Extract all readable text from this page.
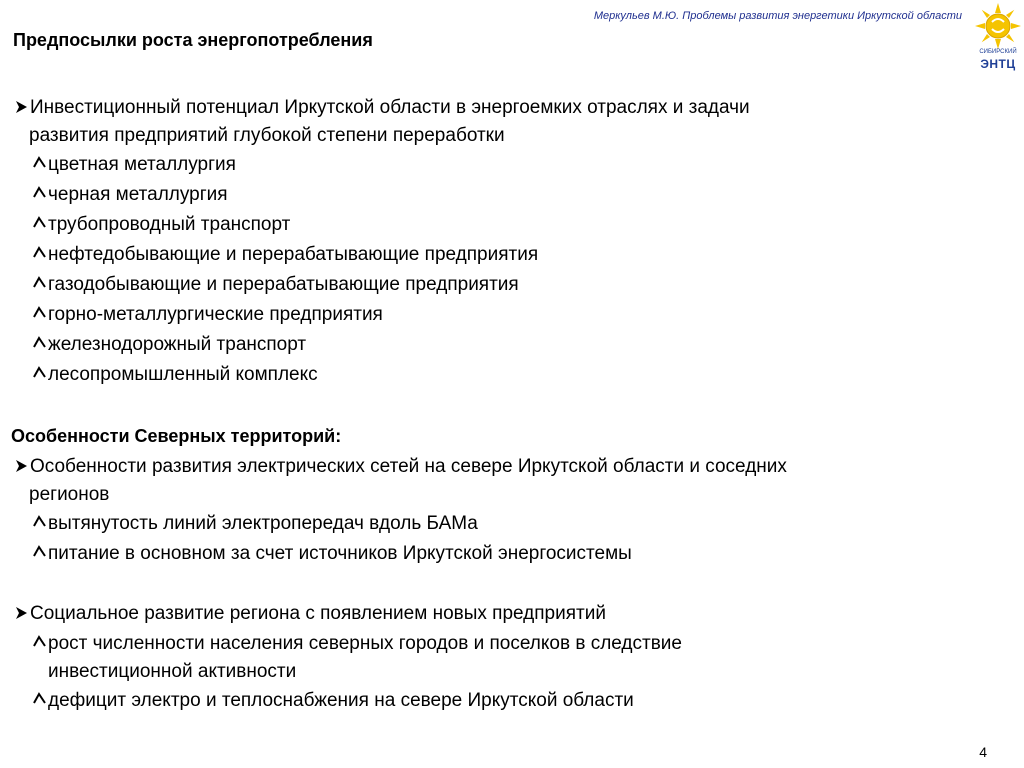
Меркульев М.Ю. Проблемы развития энергетики Иркутской области
СИБИРСКИЙ
ЭНТЦ
Предпосылки роста энергопотребления
Инвестиционный потенциал Иркутской области в энергоемких отраслях и задачи
развития предприятий глубокой степени переработки
цветная металлургия
черная металлургия
трубопроводный транспорт
нефтедобывающие и перерабатывающие предприятия
газодобывающие и перерабатывающие предприятия
горно-металлургические предприятия
железнодорожный транспорт
лесопромышленный комплекс
Особенности Северных территорий:
Особенности развития электрических сетей на севере Иркутской области и соседних
регионов
вытянутость линий электропередач вдоль БАМа
питание в основном за счет источников Иркутской энергосистемы
Социальное развитие региона с появлением новых предприятий
рост численности населения северных городов и поселков в следствие
инвестиционной активности
дефицит электро и теплоснабжения на севере Иркутской области
4
